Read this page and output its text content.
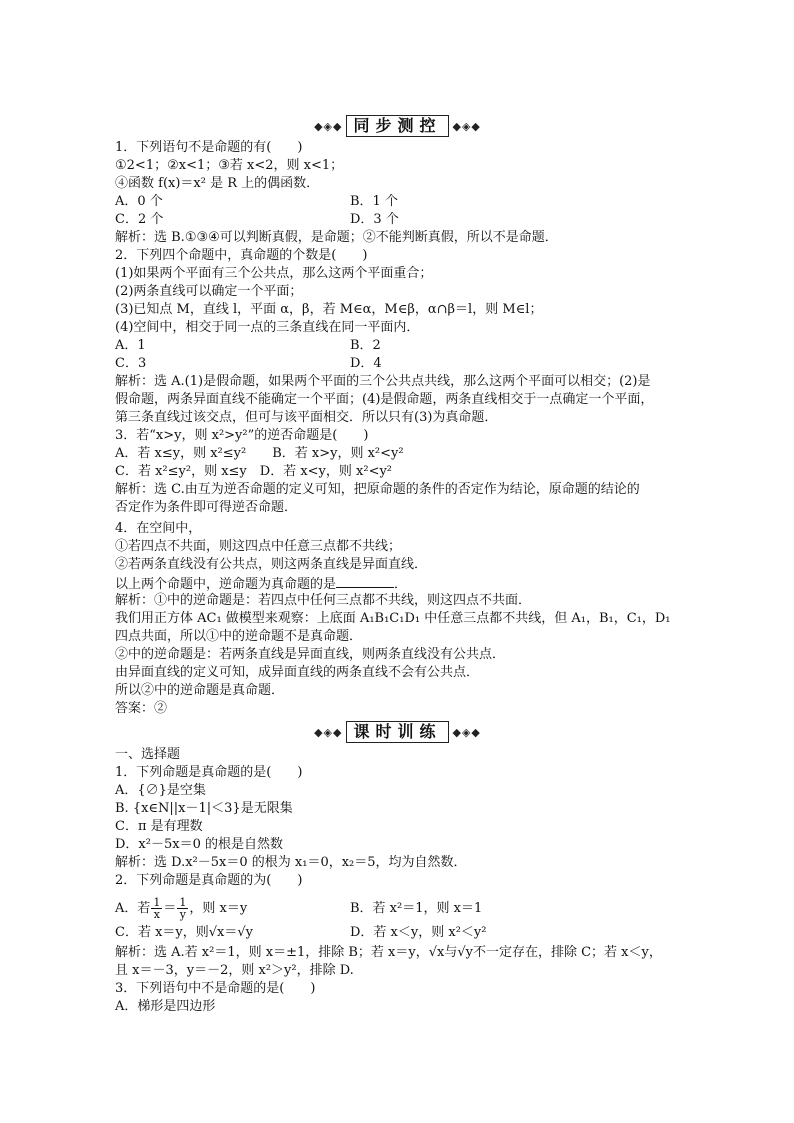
◆◈◆ 同步测控	◆◈◆
1．下列语句不是命题的有(　　)
①2<1；②x<1；③若 x<2，则 x<1；
④函数 f(x)＝x² 是 R 上的偶函数．
A．0 个	B．1 个
C．2 个	D．3 个
解析：选 B.①③④可以判断真假，是命题；②不能判断真假，所以不是命题．
2．下列四个命题中，真命题的个数是(　　)
(1)如果两个平面有三个公共点，那么这两个平面重合；
(2)两条直线可以确定一个平面；
(3)已知点 M，直线 l，平面 α，β，若 M∈α，M∈β，α∩β＝l，则 M∈l；
(4)空间中，相交于同一点的三条直线在同一平面内．
A．1	B．2
C．3	D．4
解析：选 A.(1)是假命题，如果两个平面的三个公共点共线，那么这两个平面可以相交；(2)是
假命题，两条异面直线不能确定一个平面；(4)是假命题，两条直线相交于一点确定一个平面，
第三条直线过该交点，但可与该平面相交．所以只有(3)为真命题．
3．若“x>y，则 x²>y²”的逆否命题是(　　)
A．若 x≤y，则 x²≤y²　　B．若 x>y，则 x²<y²
C．若 x²≤y²，则 x≤y　D．若 x<y，则 x²<y²
解析：选 C.由互为逆否命题的定义可知，把原命题的条件的否定作为结论，原命题的结论的
否定作为条件即可得逆否命题．
4．在空间中，
①若四点不共面，则这四点中任意三点都不共线；
②若两条直线没有公共点，则这两条直线是异面直线．
以上两个命题中，逆命题为真命题的是	．
解析：①中的逆命题是：若四点中任何三点都不共线，则这四点不共面．
我们用正方体 AC₁ 做模型来观察：上底面 A₁B₁C₁D₁ 中任意三点都不共线，但 A₁，B₁，C₁，D₁
四点共面，所以①中的逆命题不是真命题．
②中的逆命题是：若两条直线是异面直线，则两条直线没有公共点．
由异面直线的定义可知，成异面直线的两条直线不会有公共点．
所以②中的逆命题是真命题．
答案：②
◆◈◆ 课时训练	◆◈◆
一、选择题
1．下列命题是真命题的是(　　)
A．{∅}是空集
B. {x∈N||x－1|＜3}是无限集
C．π 是有理数
D．x²－5x＝0 的根是自然数
解析：选 D.x²－5x＝0 的根为 x₁＝0，x₂＝5，均为自然数．
2．下列命题是真命题的为(　　)
A．若 $\frac{1}{x} = \frac{1}{y}$ ，则 x＝y	B．若 x²＝1，则 x＝1
C．若 x＝y，则√x＝√y	D．若 x＜y，则 x²＜y²
解析：选 A.若 x²＝1，则 x＝±1，排除 B；若 x＝y，√x与√y不一定存在，排除 C；若 x＜y，
且 x＝－3，y＝－2，则 x²＞y²，排除 D.
3．下列语句中不是命题的是(　　)
A．梯形是四边形
